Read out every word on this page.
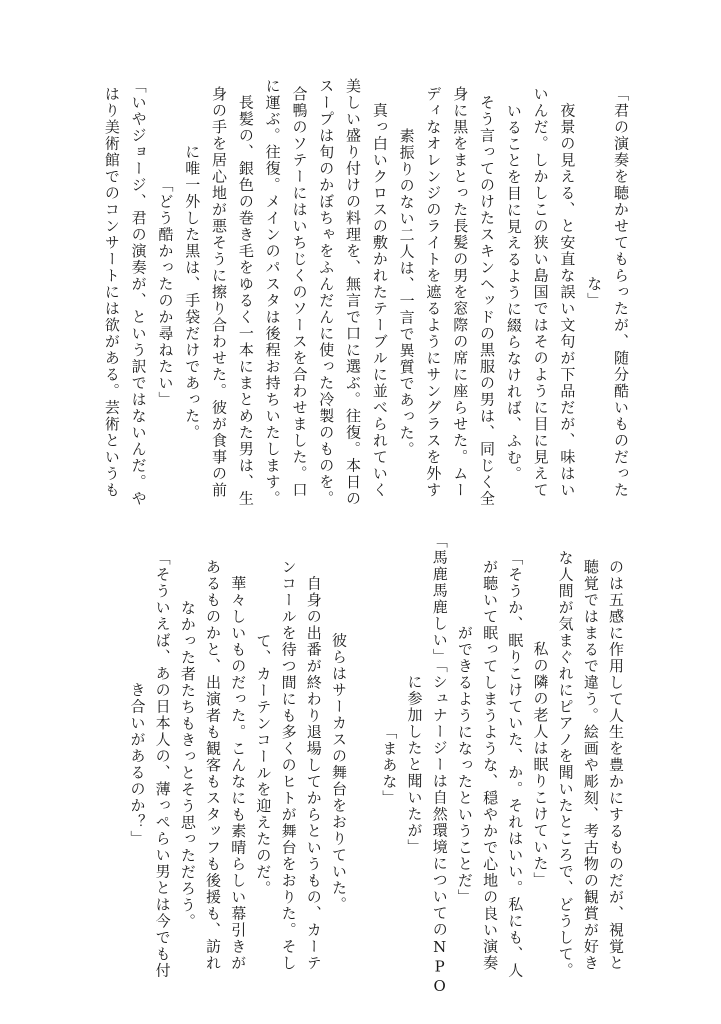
「君の演奏を聴かせてもらったが、随分酷いものだった
な」
　夜景の見える、と安直な誤い文句が下品だが、味はい
いんだ。しかしこの狭い島国ではそのように目に見えて
いることを目に見えるように綴らなければ、ふむ。
　そう言ってのけたスキンヘッドの黒服の男は、同じく全
身に黒をまとった長髪の男を窓際の席に座らせた。ムー
ディなオレンジのライトを遮るようにサングラスを外す
素振りのない二人は、一言で異質であった。
　真っ白いクロスの敷かれたテーブルに並べられていく
美しい盛り付けの料理を、無言で口に選ぶ。往復。本日の
スープは旬のかぼちゃをふんだんに使った冷製のものを。
合鴨のソテーにはいちじくのソースを合わせました。口
に運ぶ。往復。メインのパスタは後程お持ちいたします。
　長髪の、銀色の巻き毛をゆるく一本にまとめた男は、生
身の手を居心地が悪そうに擦り合わせた。彼が食事の前
に唯一外した黒は、手袋だけであった。
「どう酷かったのか尋ねたい」
「いやジョージ、君の演奏が、という訳ではないんだ。や
はり美術館でのコンサートには欲がある。芸術というも
のは五感に作用して人生を豊かにするものだが、視覚と
聴覚ではまるで違う。絵画や彫刻、考古物の観賞が好き
な人間が気まぐれにピアノを聞いたところで、どうして。
私の隣の老人は眠りこけていた」
「そうか、眠りこけていた、か。それはいい。私にも、人
が聴いて眠ってしまうような、穏やかで心地の良い演奏
ができるようになったということだ」
「馬鹿馬鹿しい」「シュナージーは自然環境についてのNPO
に参加したと聞いたが」
「まあな」
　彼らはサーカスの舞台をおりていた。
　自身の出番が終わり退場してからというもの、カーテ
ンコールを待つ間にも多くのヒトが舞台をおりた。そし
て、カーテンコールを迎えたのだ。
　華々しいものだった。こんなにも素晴らしい幕引きが
あるものかと、出演者も観客もスタッフも後援も、訪れ
なかった者たちもきっとそう思っただろう。
「そういえば、あの日本人の、薄っぺらい男とは今でも付
き合いがあるのか？」
